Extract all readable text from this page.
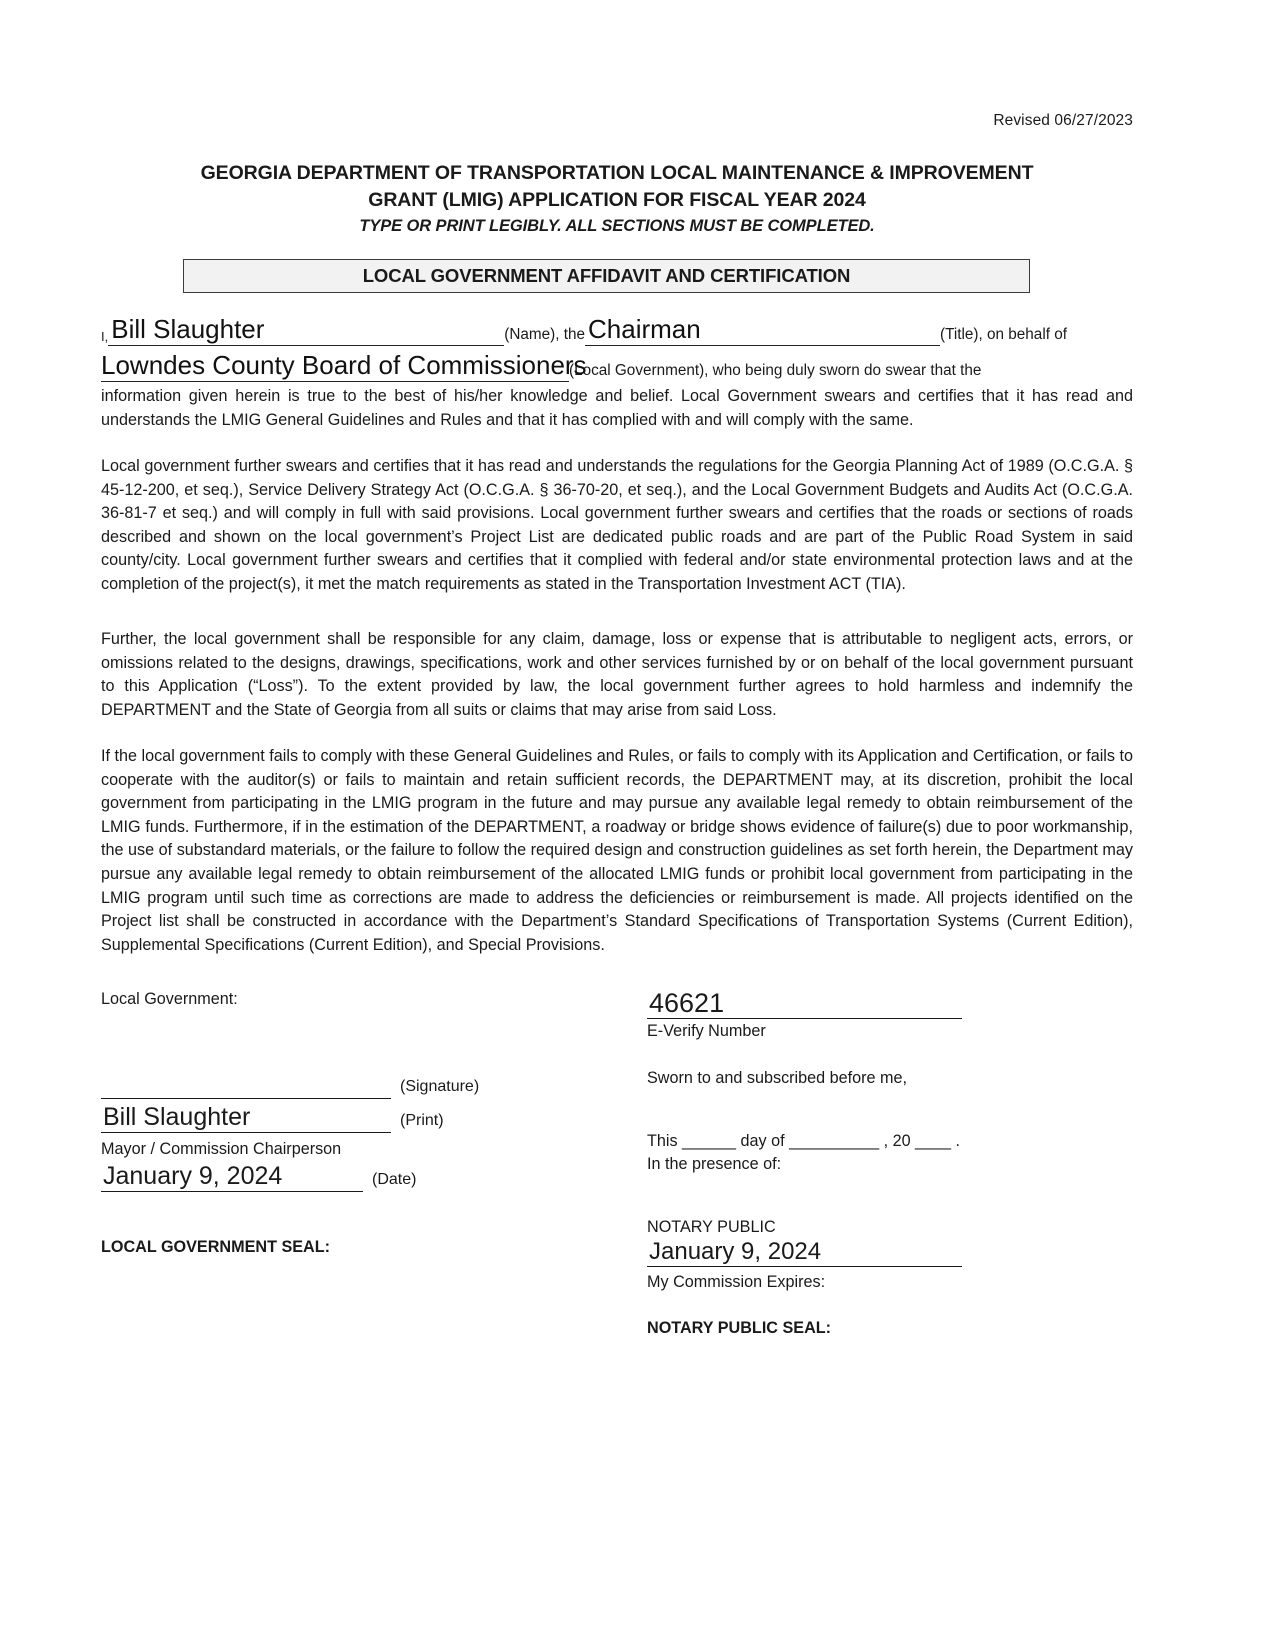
Revised 06/27/2023
GEORGIA DEPARTMENT OF TRANSPORTATION LOCAL MAINTENANCE & IMPROVEMENT
GRANT (LMIG) APPLICATION FOR FISCAL YEAR 2024
TYPE OR PRINT LEGIBLY. ALL SECTIONS MUST BE COMPLETED.
LOCAL GOVERNMENT AFFIDAVIT AND CERTIFICATION
I, Bill Slaughter	(Name), the Chairman	(Title), on behalf of
Lowndes County Board of Commissioners
(Local Government), who being duly sworn do swear that the
information given herein is true to the best of his/her knowledge and belief. Local Government swears and certifies that it has read and understands the LMIG General Guidelines and Rules and that it has complied with and will comply with the same.
Local government further swears and certifies that it has read and understands the regulations for the Georgia Planning Act of 1989 (O.C.G.A. § 45-12-200, et seq.), Service Delivery Strategy Act (O.C.G.A. § 36-70-20, et seq.), and the Local Government Budgets and Audits Act (O.C.G.A. 36-81-7 et seq.) and will comply in full with said provisions. Local government further swears and certifies that the roads or sections of roads described and shown on the local government’s Project List are dedicated public roads and are part of the Public Road System in said county/city. Local government further swears and certifies that it complied with federal and/or state environmental protection laws and at the completion of the project(s), it met the match requirements as stated in the Transportation Investment ACT (TIA).
Further, the local government shall be responsible for any claim, damage, loss or expense that is attributable to negligent acts, errors, or omissions related to the designs, drawings, specifications, work and other services furnished by or on behalf of the local government pursuant to this Application (“Loss”). To the extent provided by law, the local government further agrees to hold harmless and indemnify the DEPARTMENT and the State of Georgia from all suits or claims that may arise from said Loss.
If the local government fails to comply with these General Guidelines and Rules, or fails to comply with its Application and Certification, or fails to cooperate with the auditor(s) or fails to maintain and retain sufficient records, the DEPARTMENT may, at its discretion, prohibit the local government from participating in the LMIG program in the future and may pursue any available legal remedy to obtain reimbursement of the LMIG funds. Furthermore, if in the estimation of the DEPARTMENT, a roadway or bridge shows evidence of failure(s) due to poor workmanship, the use of substandard materials, or the failure to follow the required design and construction guidelines as set forth herein, the Department may pursue any available legal remedy to obtain reimbursement of the allocated LMIG funds or prohibit local government from participating in the LMIG program until such time as corrections are made to address the deficiencies or reimbursement is made. All projects identified on the Project list shall be constructed in accordance with the Department’s Standard Specifications of Transportation Systems (Current Edition), Supplemental Specifications (Current Edition), and Special Provisions.
Local Government:
(Signature)
Bill Slaughter	(Print)
Mayor / Commission Chairperson
January 9, 2024	(Date)
LOCAL GOVERNMENT SEAL:
46621
E-Verify Number
Sworn to and subscribed before me,
This ______ day of __________ , 20 ____ .
In the presence of:
NOTARY PUBLIC
January 9, 2024
My Commission Expires:
NOTARY PUBLIC SEAL:
